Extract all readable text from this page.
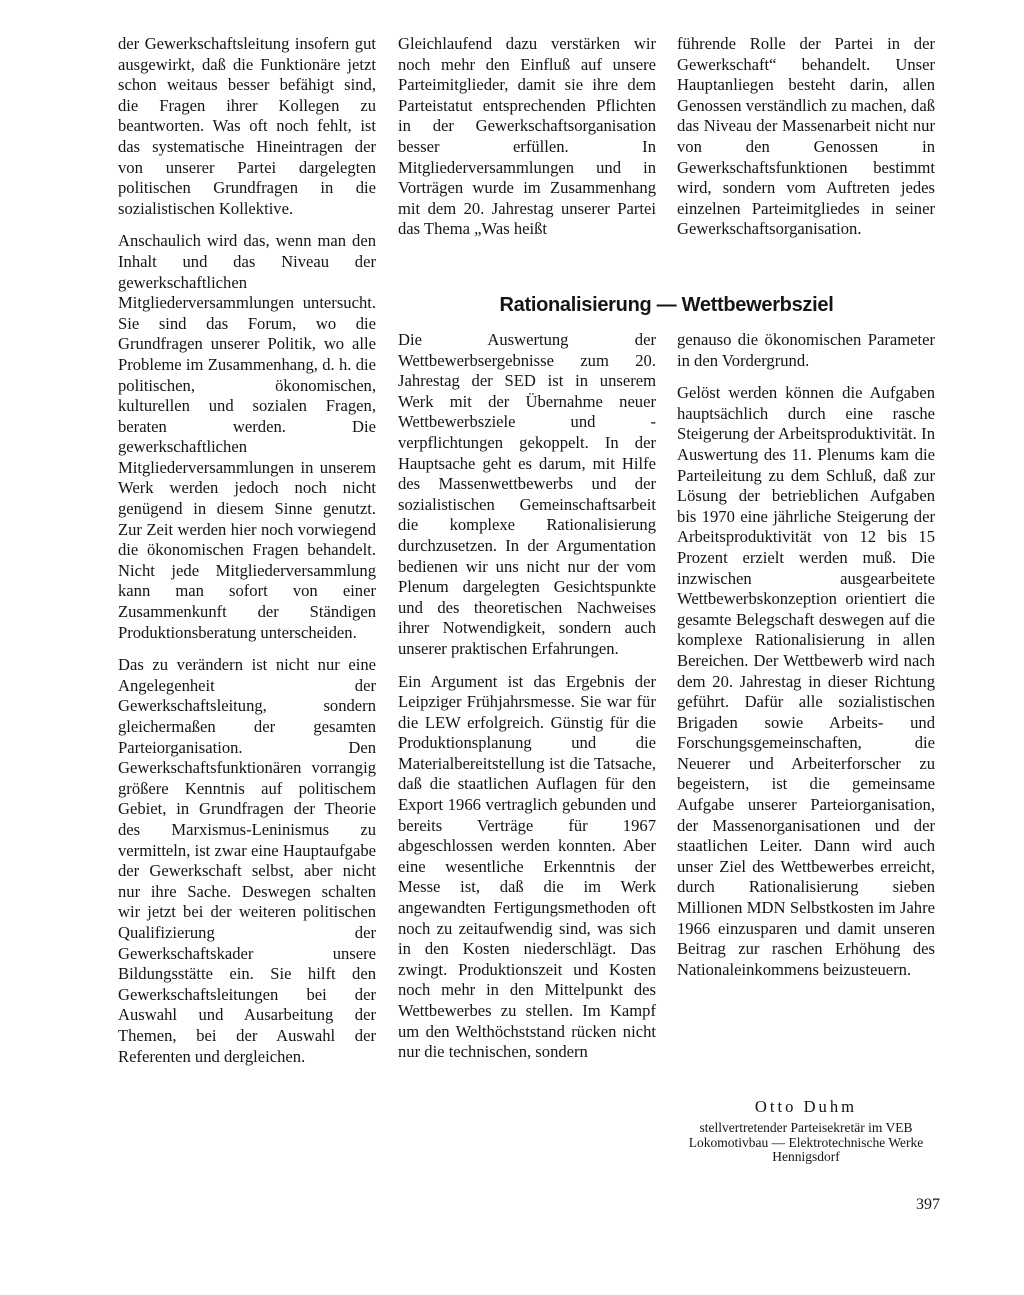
der Gewerkschaftsleitung insofern gut ausgewirkt, daß die Funktionäre jetzt schon weitaus besser befähigt sind, die Fragen ihrer Kollegen zu beantworten. Was oft noch fehlt, ist das systematische Hineintragen der von unserer Partei dargelegten politischen Grundfragen in die sozialistischen Kollektive.

Anschaulich wird das, wenn man den Inhalt und das Niveau der gewerkschaftlichen Mitgliederversammlungen untersucht. Sie sind das Forum, wo die Grundfragen unserer Politik, wo alle Probleme im Zusammenhang, d. h. die politischen, ökonomischen, kulturellen und sozialen Fragen, beraten werden. Die gewerkschaftlichen Mitgliederversammlungen in unserem Werk werden jedoch noch nicht genügend in diesem Sinne genutzt. Zur Zeit werden hier noch vorwiegend die ökonomischen Fragen behandelt. Nicht jede Mitgliederversammlung kann man sofort von einer Zusammenkunft der Ständigen Produktionsberatung unterscheiden.

Das zu verändern ist nicht nur eine Angelegenheit der Gewerkschaftsleitung, sondern gleichermaßen der gesamten Parteiorganisation. Den Gewerkschaftsfunktionären vorrangig größere Kenntnis auf politischem Gebiet, in Grundfragen der Theorie des Marxismus-Leninismus zu vermitteln, ist zwar eine Hauptaufgabe der Gewerkschaft selbst, aber nicht nur ihre Sache. Deswegen schalten wir jetzt bei der weiteren politischen Qualifizierung der Gewerkschaftskader unsere Bildungsstätte ein. Sie hilft den Gewerkschaftsleitungen bei der Auswahl und Ausarbeitung der Themen, bei der Auswahl der Referenten und dergleichen.

Gleichlaufend dazu verstärken wir noch mehr den Einfluß auf unsere Parteimitglieder, damit sie ihre dem Parteistatut entsprechenden Pflichten in der Gewerkschaftsorganisation besser erfüllen. In Mitgliederversammlungen und in Vorträgen wurde im Zusammenhang mit dem 20. Jahrestag unserer Partei das Thema „Was heißt

führende Rolle der Partei in der Gewerkschaft“ behandelt. Unser Hauptanliegen besteht darin, allen Genossen verständlich zu machen, daß das Niveau der Massenarbeit nicht nur von den Genossen in Gewerkschaftsfunktionen bestimmt wird, sondern vom Auftreten jedes einzelnen Parteimitgliedes in seiner Gewerkschaftsorganisation.

Rationalisierung — Wettbewerbsziel

Die Auswertung der Wettbewerbsergebnisse zum 20. Jahrestag der SED ist in unserem Werk mit der Übernahme neuer Wettbewerbsziele und -verpflichtungen gekoppelt. In der Hauptsache geht es darum, mit Hilfe des Massenwettbewerbs und der sozialistischen Gemeinschaftsarbeit die komplexe Rationalisierung durchzusetzen. In der Argumentation bedienen wir uns nicht nur der vom Plenum dargelegten Gesichtspunkte und des theoretischen Nachweises ihrer Notwendigkeit, sondern auch unserer praktischen Erfahrungen.

Ein Argument ist das Ergebnis der Leipziger Frühjahrsmesse. Sie war für die LEW erfolgreich. Günstig für die Produktionsplanung und die Materialbereitstellung ist die Tatsache, daß die staatlichen Auflagen für den Export 1966 vertraglich gebunden und bereits Verträge für 1967 abgeschlossen werden konnten. Aber eine wesentliche Erkenntnis der Messe ist, daß die im Werk angewandten Fertigungsmethoden oft noch zu zeitaufwendig sind, was sich in den Kosten niederschlägt. Das zwingt. Produktionszeit und Kosten noch mehr in den Mittelpunkt des Wettbewerbes zu stellen. Im Kampf um den Welthöchststand rücken nicht nur die technischen, sondern

genauso die ökonomischen Parameter in den Vordergrund.

Gelöst werden können die Aufgaben hauptsächlich durch eine rasche Steigerung der Arbeitsproduktivität. In Auswertung des 11. Plenums kam die Parteileitung zu dem Schluß, daß zur Lösung der betrieblichen Aufgaben bis 1970 eine jährliche Steigerung der Arbeitsproduktivität von 12 bis 15 Prozent erzielt werden muß. Die inzwischen ausgearbeitete Wettbewerbskonzeption orientiert die gesamte Belegschaft deswegen auf die komplexe Rationalisierung in allen Bereichen. Der Wettbewerb wird nach dem 20. Jahrestag in dieser Richtung geführt. Dafür alle sozialistischen Brigaden sowie Arbeits- und Forschungsgemeinschaften, die Neuerer und Arbeiterforscher zu begeistern, ist die gemeinsame Aufgabe unserer Parteiorganisation, der Massenorganisationen und der staatlichen Leiter. Dann wird auch unser Ziel des Wettbewerbes erreicht, durch Rationalisierung sieben Millionen MDN Selbstkosten im Jahre 1966 einzusparen und damit unseren Beitrag zur raschen Erhöhung des Nationaleinkommens beizusteuern.

Otto Duhm
stellvertretender Parteisekretär im VEB Lokomotivbau — Elektrotechnische Werke Hennigsdorf
397
